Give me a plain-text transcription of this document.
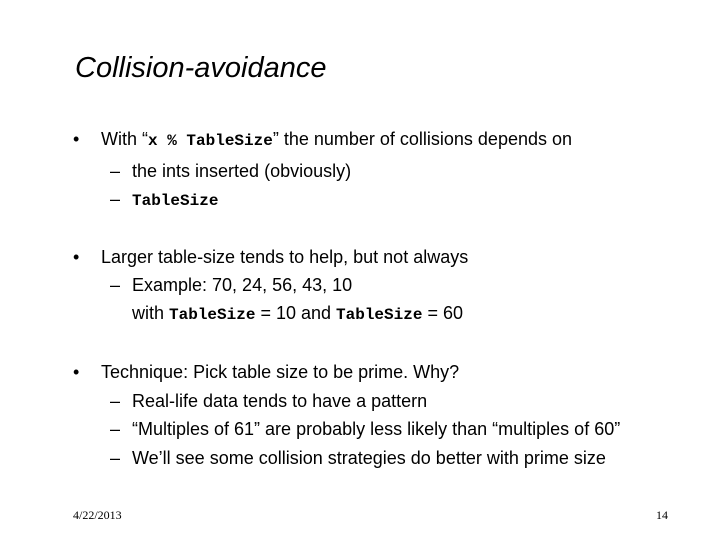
Collision-avoidance
• With “x % TableSize” the number of collisions depends on
– the ints inserted (obviously)
– TableSize
• Larger table-size tends to help, but not always
– Example: 70, 24, 56, 43, 10
with TableSize = 10 and TableSize = 60
• Technique: Pick table size to be prime. Why?
– Real-life data tends to have a pattern
– “Multiples of 61” are probably less likely than “multiples of 60”
– We’ll see some collision strategies do better with prime size
4/22/2013	14
